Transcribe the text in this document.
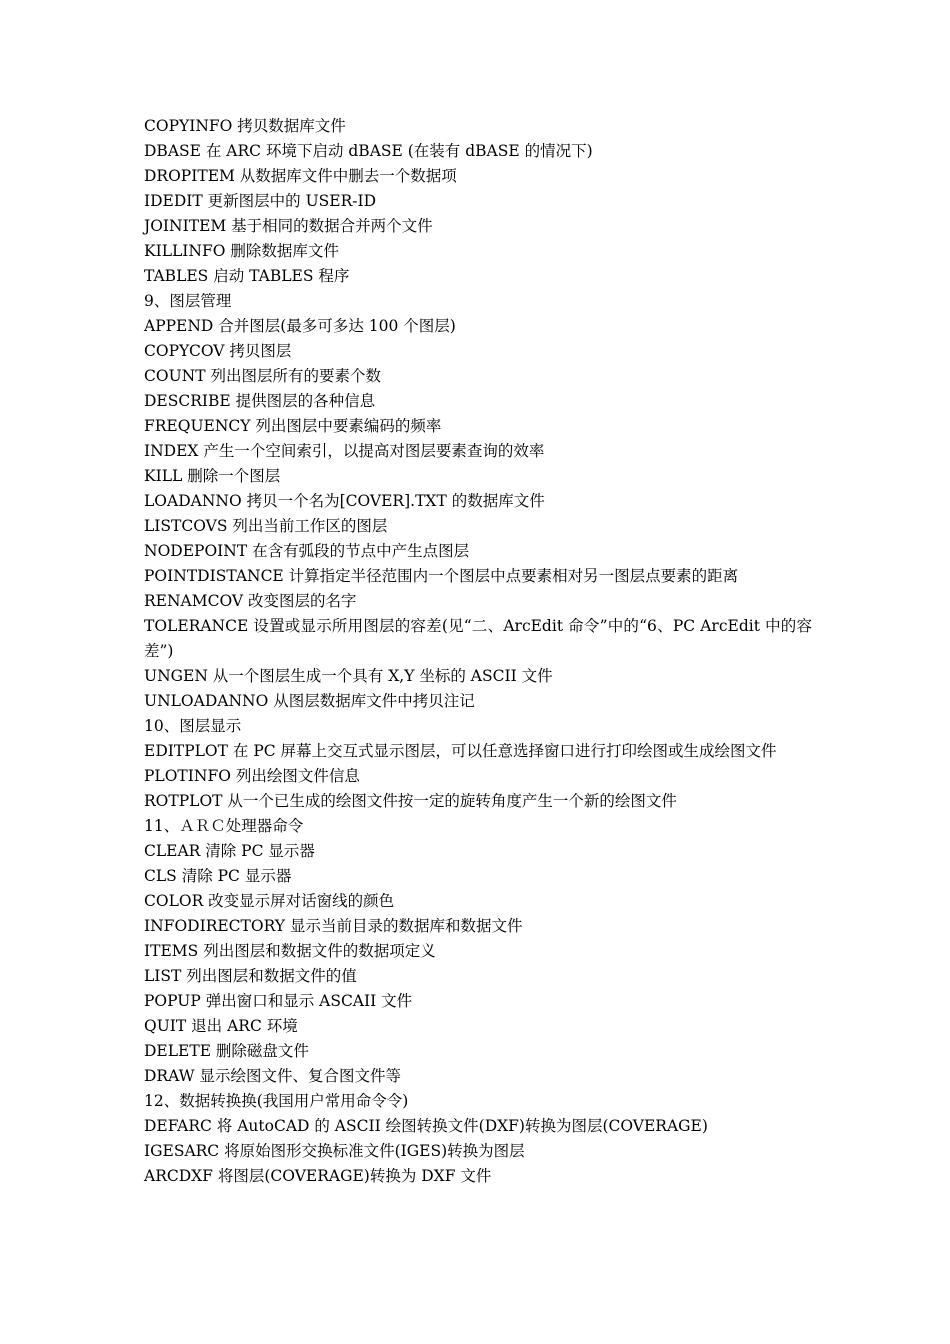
COPYINFO 拷贝数据库文件
DBASE 在 ARC 环境下启动 dBASE (在装有 dBASE 的情况下)
DROPITEM 从数据库文件中删去一个数据项
IDEDIT 更新图层中的 USER-ID
JOINITEM 基于相同的数据合并两个文件
KILLINFO 删除数据库文件
TABLES 启动 TABLES 程序
9、图层管理
APPEND 合并图层(最多可多达 100 个图层)
COPYCOV 拷贝图层
COUNT 列出图层所有的要素个数
DESCRIBE 提供图层的各种信息
FREQUENCY 列出图层中要素编码的频率
INDEX 产生一个空间索引，以提高对图层要素查询的效率
KILL 删除一个图层
LOADANNO 拷贝一个名为[COVER].TXT 的数据库文件
LISTCOVS 列出当前工作区的图层
NODEPOINT 在含有弧段的节点中产生点图层
POINTDISTANCE 计算指定半径范围内一个图层中点要素相对另一图层点要素的距离
RENAMCOV 改变图层的名字
TOLERANCE 设置或显示所用图层的容差(见“二、ArcEdit 命令”中的“6、PC ArcEdit 中的容差”)
UNGEN 从一个图层生成一个具有 X,Y 坐标的 ASCII 文件
UNLOADANNO 从图层数据库文件中拷贝注记
10、图层显示
EDITPLOT 在 PC 屏幕上交互式显示图层，可以任意选择窗口进行打印绘图或生成绘图文件
PLOTINFO 列出绘图文件信息
ROTPLOT 从一个已生成的绘图文件按一定的旋转角度产生一个新的绘图文件
11、ＡＲＣ处理器命令
CLEAR 清除 PC 显示器
CLS 清除 PC 显示器
COLOR 改变显示屏对话窗线的颜色
INFODIRECTORY 显示当前目录的数据库和数据文件
ITEMS 列出图层和数据文件的数据项定义
LIST 列出图层和数据文件的值
POPUP 弹出窗口和显示 ASCAII 文件
QUIT 退出 ARC 环境
DELETE 删除磁盘文件
DRAW 显示绘图文件、复合图文件等
12、数据转换换(我国用户常用命令令)
DEFARC 将 AutoCAD 的 ASCII 绘图转换文件(DXF)转换为图层(COVERAGE)
IGESARC 将原始图形交换标准文件(IGES)转换为图层
ARCDXF 将图层(COVERAGE)转换为 DXF 文件
